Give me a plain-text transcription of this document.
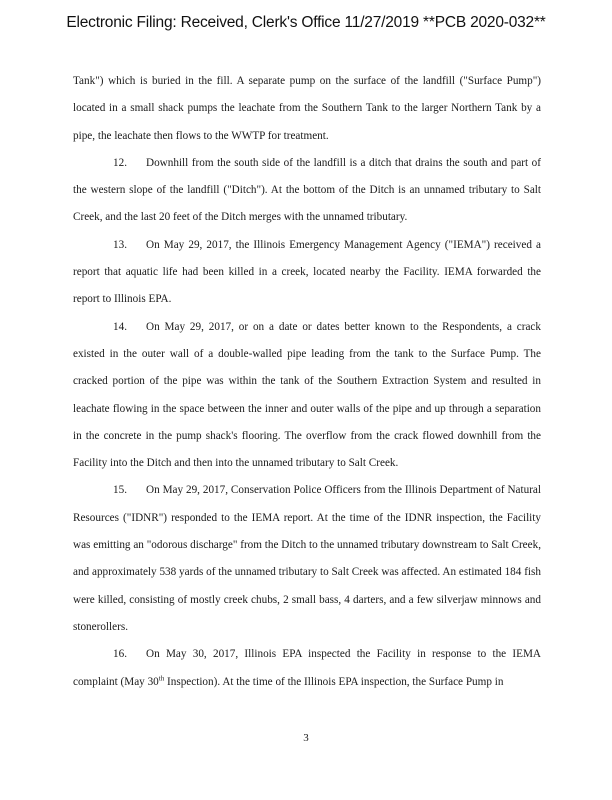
Electronic Filing: Received, Clerk's Office 11/27/2019 **PCB 2020-032**

Tank") which is buried in the fill. A separate pump on the surface of the landfill ("Surface Pump") located in a small shack pumps the leachate from the Southern Tank to the larger Northern Tank by a pipe, the leachate then flows to the WWTP for treatment.

12. Downhill from the south side of the landfill is a ditch that drains the south and part of the western slope of the landfill ("Ditch"). At the bottom of the Ditch is an unnamed tributary to Salt Creek, and the last 20 feet of the Ditch merges with the unnamed tributary.

13. On May 29, 2017, the Illinois Emergency Management Agency ("IEMA") received a report that aquatic life had been killed in a creek, located nearby the Facility. IEMA forwarded the report to Illinois EPA.

14. On May 29, 2017, or on a date or dates better known to the Respondents, a crack existed in the outer wall of a double-walled pipe leading from the tank to the Surface Pump. The cracked portion of the pipe was within the tank of the Southern Extraction System and resulted in leachate flowing in the space between the inner and outer walls of the pipe and up through a separation in the concrete in the pump shack's flooring. The overflow from the crack flowed downhill from the Facility into the Ditch and then into the unnamed tributary to Salt Creek.

15. On May 29, 2017, Conservation Police Officers from the Illinois Department of Natural Resources ("IDNR") responded to the IEMA report. At the time of the IDNR inspection, the Facility was emitting an "odorous discharge" from the Ditch to the unnamed tributary downstream to Salt Creek, and approximately 538 yards of the unnamed tributary to Salt Creek was affected. An estimated 184 fish were killed, consisting of mostly creek chubs, 2 small bass, 4 darters, and a few silverjaw minnows and stonerollers.

16. On May 30, 2017, Illinois EPA inspected the Facility in response to the IEMA complaint (May 30th Inspection). At the time of the Illinois EPA inspection, the Surface Pump in

3
